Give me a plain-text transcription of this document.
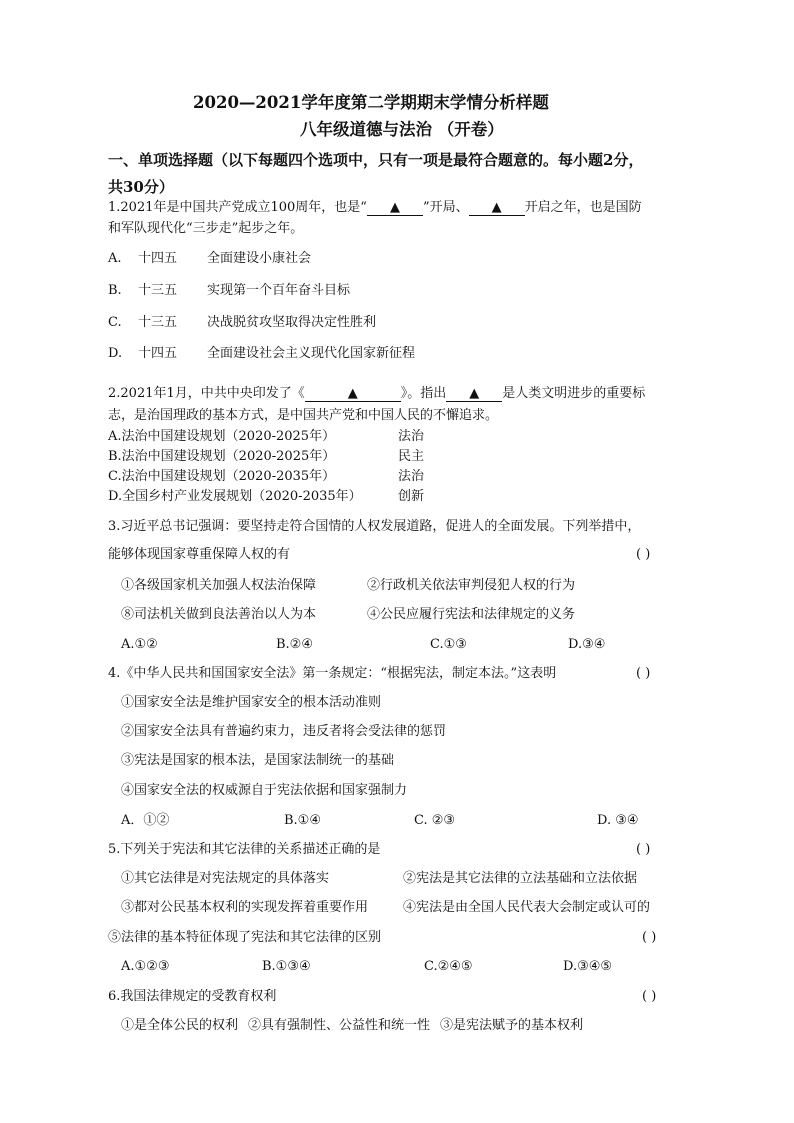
2020—2021学年度第二学期期末学情分析样题
八年级道德与法治 （开卷）
一、单项选择题（以下每题四个选项中，只有一项是最符合题意的。每小题2分，
共30分）
1.2021年是中国共产党成立100周年，也是“ ▲ ”开局、 ▲ 开启之年，也是国防
和军队现代化“三步走”起步之年。
A. 十四五 全面建设小康社会
B. 十三五 实现第一个百年奋斗目标
C. 十三五 决战脱贫攻坚取得决定性胜利
D. 十四五 全面建设社会主义现代化国家新征程
2.2021年1月，中共中央印发了《	▲	》。指出 ▲ 是人类文明进步的重要标
志，是治国理政的基本方式，是中国共产党和中国人民的不懈追求。
A.法治中国建设规划（2020-2025年）	法治
B.法治中国建设规划（2020-2025年）	民主
C.法治中国建设规划（2020-2035年）	法治
D.全国乡村产业发展规划（2020-2035年）	创新
3.习近平总书记强调：要坚持走符合国情的人权发展道路，促进人的全面发展。下列举措中，
能够体现国家尊重保障人权的有	( )
①各级国家机关加强人权法治保障	②行政机关依法审判侵犯人权的行为
⑧司法机关做到良法善治以人为本	④公民应履行宪法和法律规定的义务
A.①②	B.②④	C.①③	D.③④
4.《中华人民共和国国家安全法》第一条规定：“根据宪法，制定本法。”这表明	( )
①国家安全法是维护国家安全的根本活动准则
②国家安全法具有普遍约束力，违反者将会受法律的惩罚
③宪法是国家的根本法，是国家法制统一的基础
④国家安全法的权威源自于宪法依据和国家强制力
A．①②	B.①④	C. ②③	D. ③④
5.下列关于宪法和其它法律的关系描述正确的是	( )
①其它法律是对宪法规定的具体落实	②宪法是其它法律的立法基础和立法依据
③都对公民基本权利的实现发挥着重要作用	④宪法是由全国人民代表大会制定或认可的
⑤法律的基本特征体现了宪法和其它法律的区别	( )
A.①②③	B.①③④	C.②④⑤	D.③④⑤
6.我国法律规定的受教育权利	( )
①是全体公民的权利 ②具有强制性、公益性和统一性 ③是宪法赋予的基本权利
